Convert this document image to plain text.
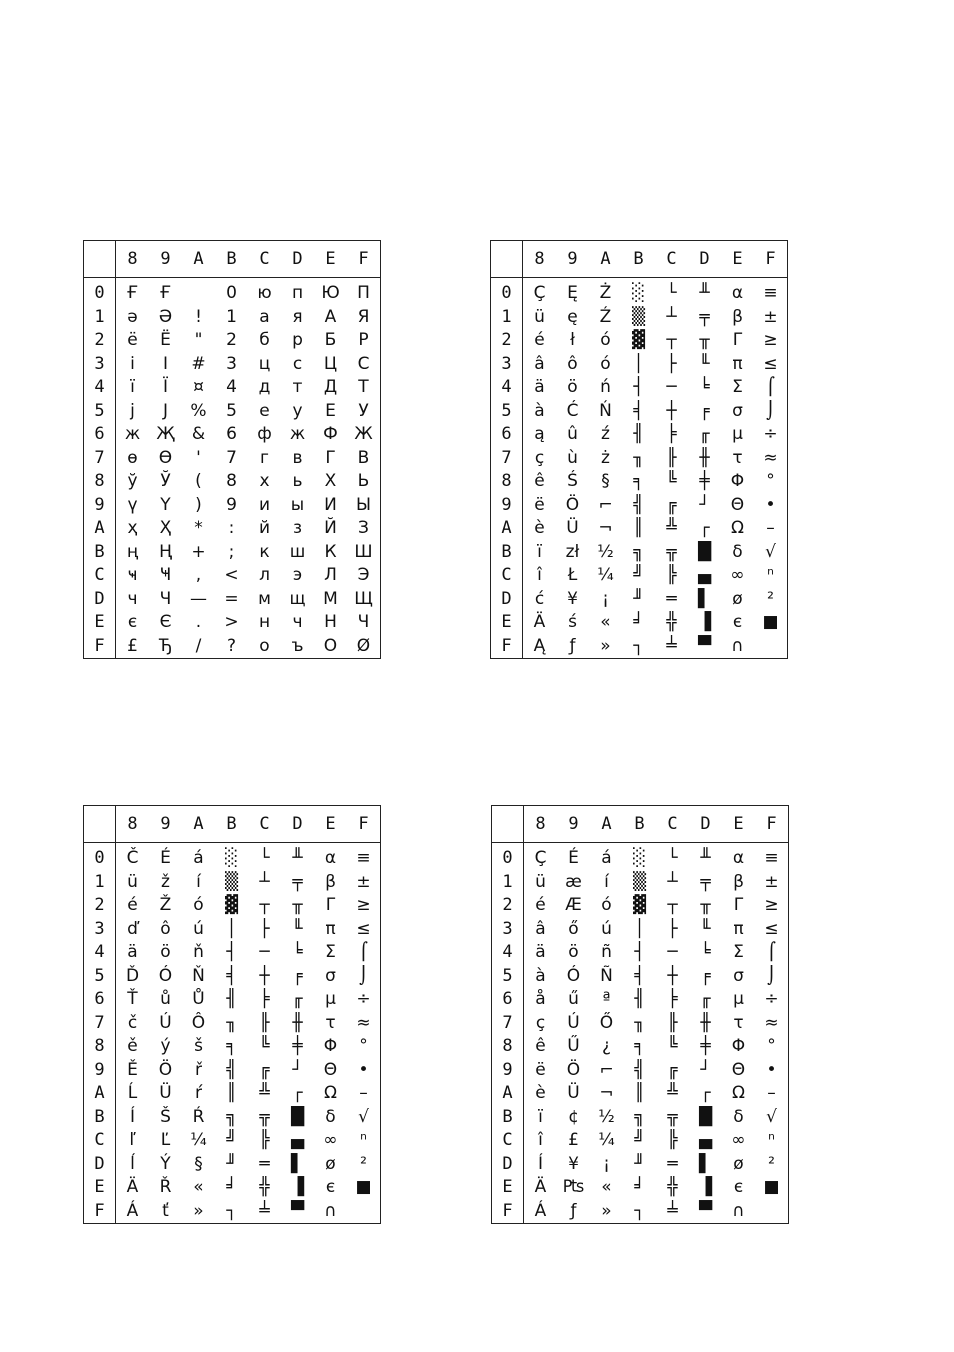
	8	9	A	B	C	D	E	F
0	Ғ	Ғ		0	ю	п	Ю	П
1	ə	Ә	!	1	а	я	А	Я
2	ё	Ё	"	2	б	р	Б	Р
3	і	І	#	3	ц	с	Ц	С
4	ї	Ї	¤	4	д	т	Д	Т
5	j	J	%	5	е	у	Е	У
6	ж	Җ	&	6	ф	ж	Ф	Ж
7	ө	Ө	'	7	г	в	Г	В
8	ў	Ў	(	8	х	ь	Х	Ь
9	ү	Ү	)	9	и	ы	И	Ы
A	ҳ	Ҳ	*	:	й	з	Й	З
B	ң	Ң	+	;	к	ш	К	Ш
C	ҹ	Ҹ	,	<	л	э	Л	Э
D	ч	Ч	—	=	м	щ	М	Щ
E	є	Є	.	>	н	ч	Н	Ч
F	£	Ђ	/	?	о	ъ	О	Ø
	8	9	A	B	C	D	E	F
0	Ç	Ę	Ż	░	└	╨	α	≡
1	ü	ę	Ź	▒	┴	╤	β	±
2	é	ł	ó	▓	┬	╥	Γ	≥
3	â	ô	ó	│	├	╙	π	≤
4	ä	ö	ń	┤	─	╘	Σ	⌠
5	à	Ć	Ń	╡	┼	╒	σ	⌡
6	ą	û	ź	╢	╞	╓	µ	÷
7	ç	ù	ż	╖	╟	╫	τ	≈
8	ê	Ś	§	╕	╚	╪	Φ	°
9	ë	Ö	⌐	╣	╔	┘	Θ	•
A	è	Ü	¬	║	╩	┌	Ω	–
B	ï	zł	½	╗	╦	█	δ	√
C	î	Ł	¼	╝	╠	▄	∞	ⁿ
D	ć	¥	¡	╜	═	▌	ø	²
E	Ä	ś	«	╛	╬	▐	є	■
F	Ą	ƒ	»	┐	╧	▀	∩	
	8	9	A	B	C	D	E	F
0	Č	É	á	░	└	╨	α	≡
1	ü	ž	í	▒	┴	╤	β	±
2	é	Ž	ó	▓	┬	╥	Γ	≥
3	ď	ô	ú	│	├	╙	π	≤
4	ä	ö	ň	┤	─	╘	Σ	⌠
5	Ď	Ó	Ň	╡	┼	╒	σ	⌡
6	Ť	ů	Ů	╢	╞	╓	µ	÷
7	č	Ú	Ô	╖	╟	╫	τ	≈
8	ě	ý	š	╕	╚	╪	Φ	°
9	Ě	Ö	ř	╣	╔	┘	Θ	•
A	Ĺ	Ü	ŕ	║	╩	┌	Ω	–
B	Í	Š	Ŕ	╗	╦	█	δ	√
C	ľ	Ľ	¼	╝	╠	▄	∞	ⁿ
D	ĺ	Ý	§	╜	═	▌	ø	²
E	Ä	Ř	«	╛	╬	▐	є	■
F	Á	ť	»	┐	╧	▀	∩	
	8	9	A	B	C	D	E	F
0	Ç	É	á	░	└	╨	α	≡
1	ü	æ	í	▒	┴	╤	β	±
2	é	Æ	ó	▓	┬	╥	Γ	≥
3	â	ő	ú	│	├	╙	π	≤
4	ä	ö	ñ	┤	─	╘	Σ	⌠
5	à	Ó	Ñ	╡	┼	╒	σ	⌡
6	å	ű	ª	╢	╞	╓	µ	÷
7	ç	Ú	Ő	╖	╟	╫	τ	≈
8	ê	Ű	¿	╕	╚	╪	Φ	°
9	ë	Ö	⌐	╣	╔	┘	Θ	•
A	è	Ü	¬	║	╩	┌	Ω	–
B	ï	¢	½	╗	╦	█	δ	√
C	î	£	¼	╝	╠	▄	∞	ⁿ
D	Í	¥	¡	╜	═	▌	ø	²
E	Ä	₧	«	╛	╬	▐	є	■
F	Á	ƒ	»	┐	╧	▀	∩	
